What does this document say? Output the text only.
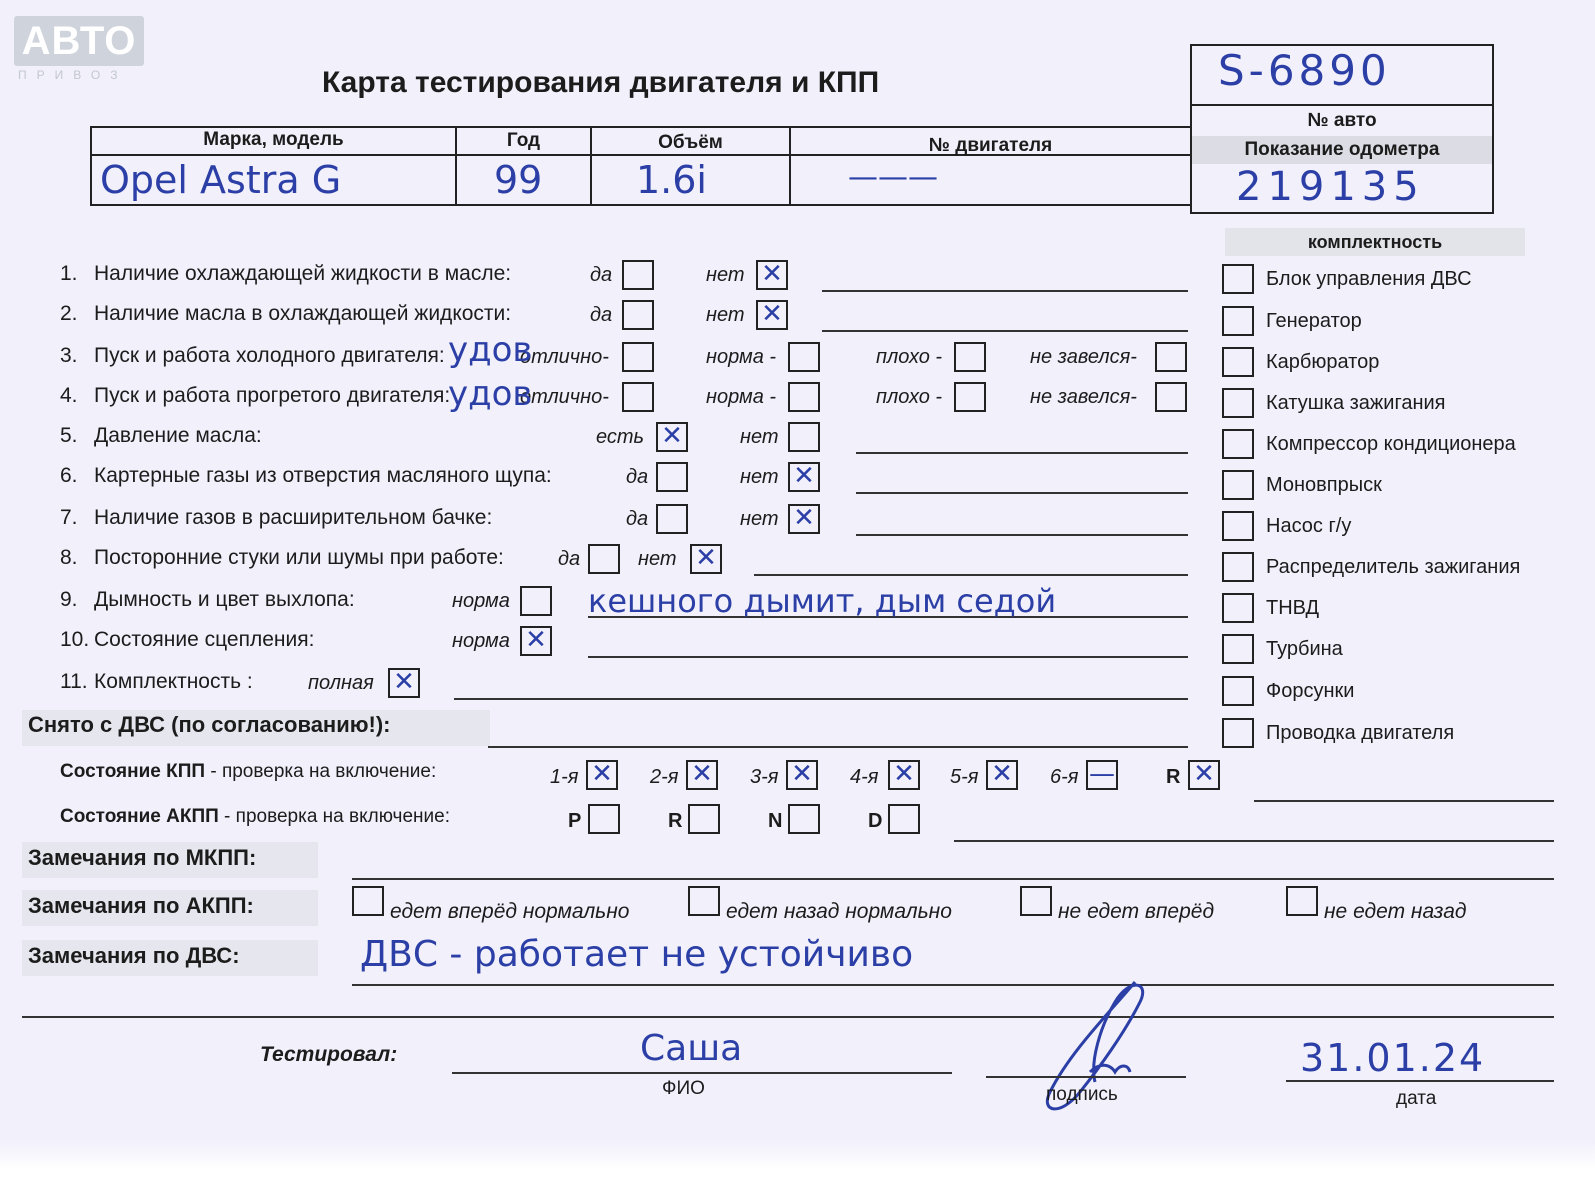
АВТО
ПРИВОЗ	Карта тестирования двигателя и КПП	S-6890
№ авто
Показание одометра
219135
Марка, модель	Год	Объём	№ двигателя
Opel Astra G	99 1.6i	———
комплектность
Блок управления ДВС
Генератор
Карбюратор
Катушка зажигания
Компрессор кондиционера
Моновпрыск
Насос г/у
Распределитель зажигания
ТНВД
Турбина
Форсунки
Проводка двигателя
1. Наличие охлаждающей жидкости в масле:	да	нет ✕
2. Наличие масла в охлаждающей жидкости:	да	нет ✕
3. Пуск и работа холодного двигателя:	отлично-	норма -	плохо -	не завелся-
4. Пуск и работа прогретого двигателя:	отлично-	норма -	плохо -	не завелся-
5. Давление масла:	есть ✕	нет
6. Картерные газы из отверстия масляного щупа:	да	нет ✕
7. Наличие газов в расширительном бачке:	да	нет ✕
8. Посторонние стуки или шумы при работе:	да	нет ✕
9. Дымность и цвет выхлопа:	норма
10. Состояние сцепления:	норма ✕
11. Комплектность :	полная ✕
удов
удов
кешного дымит, дым седой
Снято с ДВС (по согласованию!):
Состояние КПП - проверка на включение:	1-я ✕ 2-я ✕ 3-я ✕ 4-я ✕ 5-я ✕ 6-я —	R ✕
Состояние АКПП - проверка на включение:	P	R	N	D
Замечания по МКПП:
Замечания по АКПП:	едет вперёд нормально	едет назад нормально	не едет вперёд	не едет назад
Замечания по ДВС:	ДВС - работает не устойчиво
Тестировал:	Саша
ФИО	подпись
31.01.24
дата
